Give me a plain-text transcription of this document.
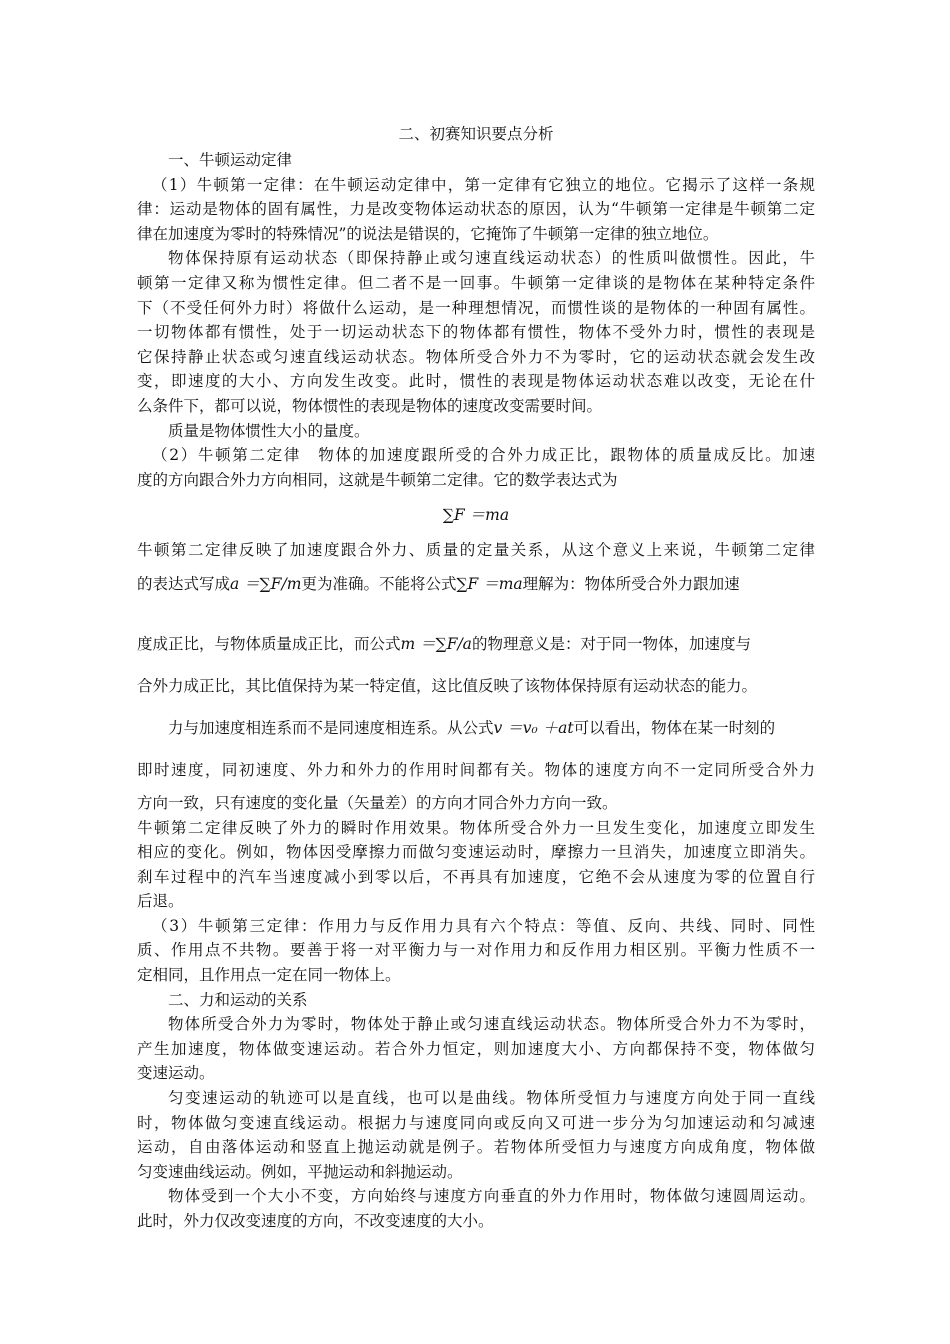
二、初赛知识要点分析
一、牛顿运动定律
（1）牛顿第一定律：在牛顿运动定律中，第一定律有它独立的地位。它揭示了这样一条规
律：运动是物体的固有属性，力是改变物体运动状态的原因，认为“牛顿第一定律是牛顿第二定
律在加速度为零时的特殊情况”的说法是错误的，它掩饰了牛顿第一定律的独立地位。
物体保持原有运动状态（即保持静止或匀速直线运动状态）的性质叫做惯性。因此，牛
顿第一定律又称为惯性定律。但二者不是一回事。牛顿第一定律谈的是物体在某种特定条件
下（不受任何外力时）将做什么运动，是一种理想情况，而惯性谈的是物体的一种固有属性。
一切物体都有惯性，处于一切运动状态下的物体都有惯性，物体不受外力时，惯性的表现是
它保持静止状态或匀速直线运动状态。物体所受合外力不为零时，它的运动状态就会发生改
变，即速度的大小、方向发生改变。此时，惯性的表现是物体运动状态难以改变，无论在什
么条件下，都可以说，物体惯性的表现是物体的速度改变需要时间。
质量是物体惯性大小的量度。
（2）牛顿第二定律　物体的加速度跟所受的合外力成正比，跟物体的质量成反比。加速
度的方向跟合外力方向相同，这就是牛顿第二定律。它的数学表达式为
∑F ＝ma
牛顿第二定律反映了加速度跟合外力、质量的定量关系，从这个意义上来说，牛顿第二定律
的表达式写成a ＝∑F/m更为准确。不能将公式∑F ＝ma理解为：物体所受合外力跟加速
度成正比，与物体质量成正比，而公式m ＝∑F/a的物理意义是：对于同一物体，加速度与
合外力成正比，其比值保持为某一特定值，这比值反映了该物体保持原有运动状态的能力。
力与加速度相连系而不是同速度相连系。从公式v ＝v₀ ＋at可以看出，物体在某一时刻的
即时速度，同初速度、外力和外力的作用时间都有关。物体的速度方向不一定同所受合外力
方向一致，只有速度的变化量（矢量差）的方向才同合外力方向一致。
牛顿第二定律反映了外力的瞬时作用效果。物体所受合外力一旦发生变化，加速度立即发生
相应的变化。例如，物体因受摩擦力而做匀变速运动时，摩擦力一旦消失，加速度立即消失。
刹车过程中的汽车当速度减小到零以后，不再具有加速度，它绝不会从速度为零的位置自行
后退。
（3）牛顿第三定律：作用力与反作用力具有六个特点：等值、反向、共线、同时、同性
质、作用点不共物。要善于将一对平衡力与一对作用力和反作用力相区别。平衡力性质不一
定相同，且作用点一定在同一物体上。
二、力和运动的关系
物体所受合外力为零时，物体处于静止或匀速直线运动状态。物体所受合外力不为零时，
产生加速度，物体做变速运动。若合外力恒定，则加速度大小、方向都保持不变，物体做匀
变速运动。
匀变速运动的轨迹可以是直线，也可以是曲线。物体所受恒力与速度方向处于同一直线
时，物体做匀变速直线运动。根据力与速度同向或反向又可进一步分为匀加速运动和匀减速
运动，自由落体运动和竖直上抛运动就是例子。若物体所受恒力与速度方向成角度，物体做
匀变速曲线运动。例如，平抛运动和斜抛运动。
物体受到一个大小不变，方向始终与速度方向垂直的外力作用时，物体做匀速圆周运动。
此时，外力仅改变速度的方向，不改变速度的大小。
